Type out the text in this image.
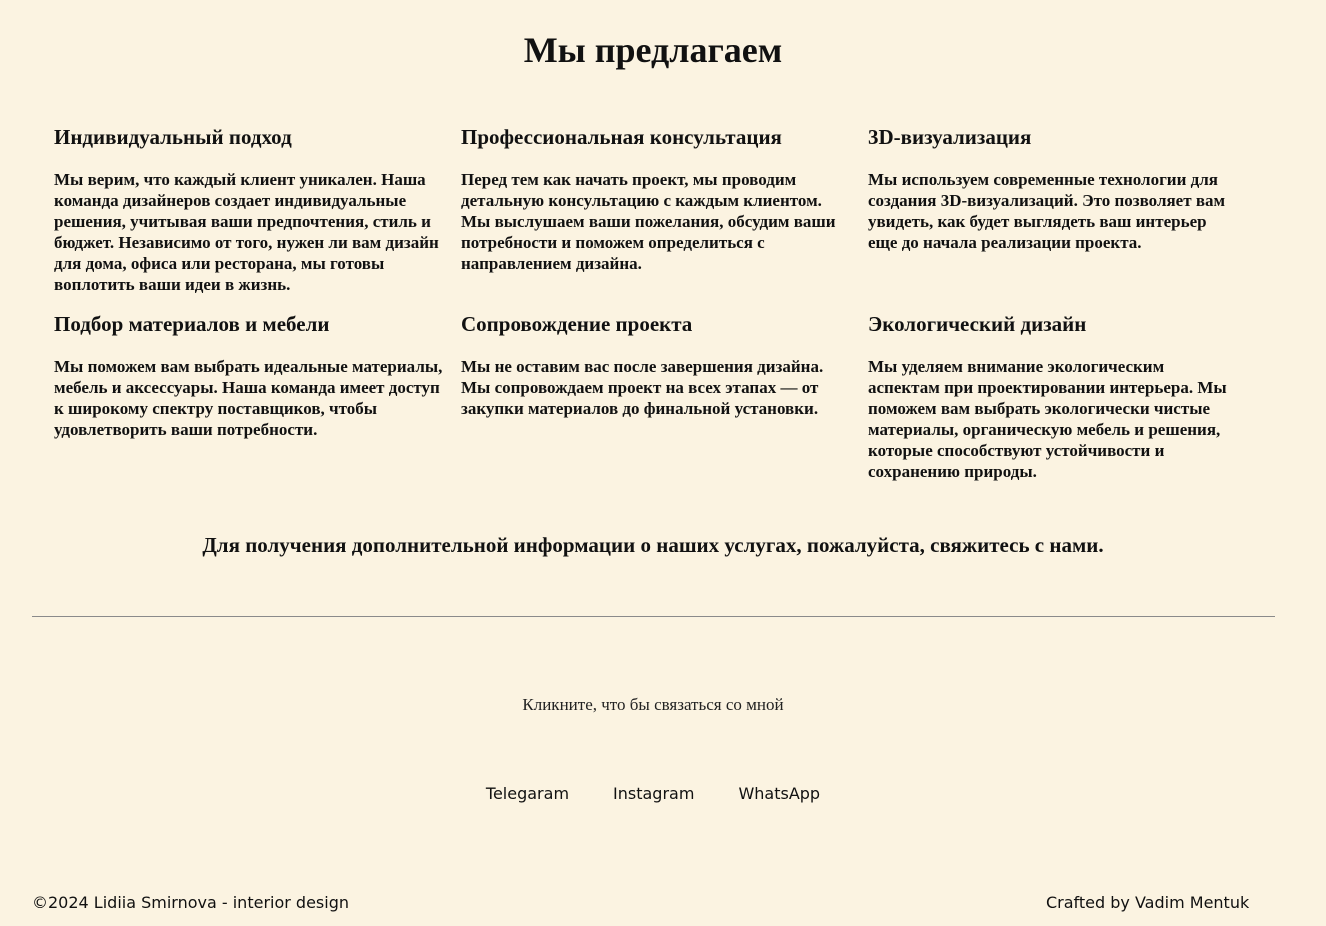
Мы предлагаем
Индивидуальный подход

Мы верим, что каждый клиент уникален. Наша команда дизайнеров создает индивидуальные решения, учитывая ваши предпочтения, стиль и бюджет. Независимо от того, нужен ли вам дизайн для дома, офиса или ресторана, мы готовы воплотить ваши идеи в жизнь.

Профессиональная консультация

Перед тем как начать проект, мы проводим детальную консультацию с каждым клиентом. Мы выслушаем ваши пожелания, обсудим ваши потребности и поможем определиться с направлением дизайна.

3D-визуализация

Мы используем современные технологии для создания 3D-визуализаций. Это позволяет вам увидеть, как будет выглядеть ваш интерьер еще до начала реализации проекта.

Подбор материалов и мебели

Мы поможем вам выбрать идеальные материалы, мебель и аксессуары. Наша команда имеет доступ к широкому спектру поставщиков, чтобы удовлетворить ваши потребности.

Сопровождение проекта

Мы не оставим вас после завершения дизайна. Мы сопровождаем проект на всех этапах — от закупки материалов до финальной установки.

Экологический дизайн

Мы уделяем внимание экологическим аспектам при проектировании интерьера. Мы поможем вам выбрать экологически чистые материалы, органическую мебель и решения, которые способствуют устойчивости и сохранению природы.

Для получения дополнительной информации о наших услугах, пожалуйста, свяжитесь с нами.

Кликните, что бы связаться со мной
Telegaram	Instagram	WhatsApp
©2024 Lidiia Smirnova - interior design	Crafted by Vadim Mentuk
